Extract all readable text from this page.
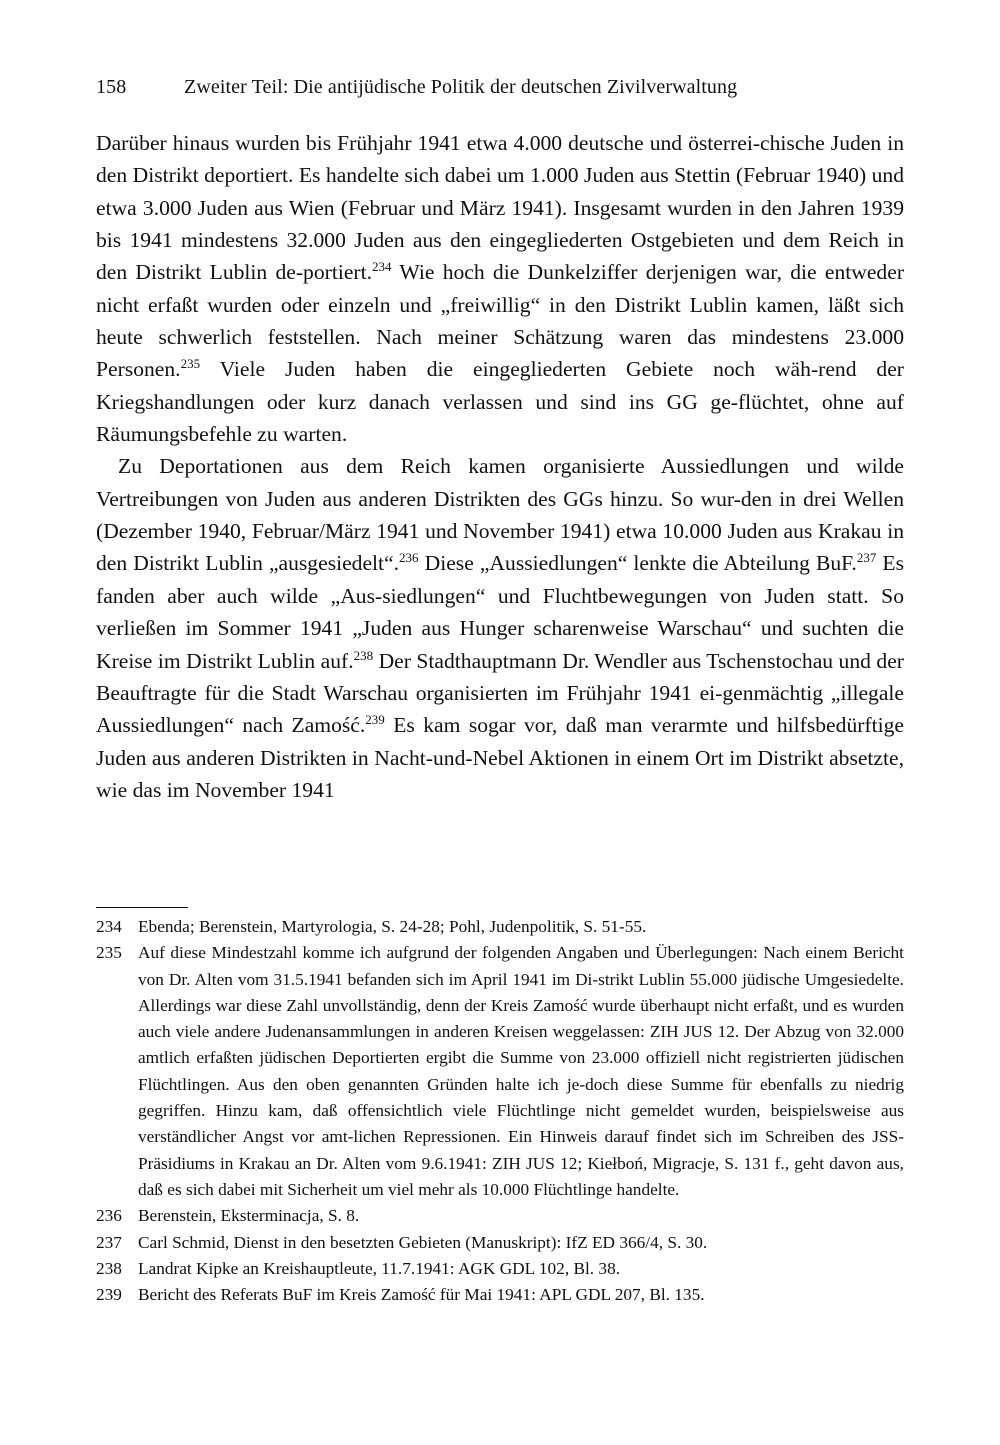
158	Zweiter Teil: Die antijüdische Politik der deutschen Zivilverwaltung

Darüber hinaus wurden bis Frühjahr 1941 etwa 4.000 deutsche und österrei-chische Juden in den Distrikt deportiert. Es handelte sich dabei um 1.000 Juden aus Stettin (Februar 1940) und etwa 3.000 Juden aus Wien (Februar und März 1941). Insgesamt wurden in den Jahren 1939 bis 1941 mindestens 32.000 Juden aus den eingegliederten Ostgebieten und dem Reich in den Distrikt Lublin de-portiert.$^{234}$ Wie hoch die Dunkelziffer derjenigen war, die entweder nicht erfaßt wurden oder einzeln und „freiwillig“ in den Distrikt Lublin kamen, läßt sich heute schwerlich feststellen. Nach meiner Schätzung waren das mindestens 23.000 Personen.$^{235}$ Viele Juden haben die eingegliederten Gebiete noch wäh-rend der Kriegshandlungen oder kurz danach verlassen und sind ins GG ge-flüchtet, ohne auf Räumungsbefehle zu warten.

Zu Deportationen aus dem Reich kamen organisierte Aussiedlungen und wilde Vertreibungen von Juden aus anderen Distrikten des GGs hinzu. So wur-den in drei Wellen (Dezember 1940, Februar/März 1941 und November 1941) etwa 10.000 Juden aus Krakau in den Distrikt Lublin „ausgesiedelt“.$^{236}$ Diese „Aussiedlungen“ lenkte die Abteilung BuF.$^{237}$ Es fanden aber auch wilde „Aus-siedlungen“ und Fluchtbewegungen von Juden statt. So verließen im Sommer 1941 „Juden aus Hunger scharenweise Warschau“ und suchten die Kreise im Distrikt Lublin auf.$^{238}$ Der Stadthauptmann Dr. Wendler aus Tschenstochau und der Beauftragte für die Stadt Warschau organisierten im Frühjahr 1941 ei-genmächtig „illegale Aussiedlungen“ nach Zamość.$^{239}$ Es kam sogar vor, daß man verarmte und hilfsbedürftige Juden aus anderen Distrikten in Nacht-und-Nebel Aktionen in einem Ort im Distrikt absetzte, wie das im November 1941

234 Ebenda; Berenstein, Martyrologia, S. 24-28; Pohl, Judenpolitik, S. 51-55.
235 Auf diese Mindestzahl komme ich aufgrund der folgenden Angaben und Überlegungen: Nach einem Bericht von Dr. Alten vom 31.5.1941 befanden sich im April 1941 im Di-strikt Lublin 55.000 jüdische Umgesiedelte. Allerdings war diese Zahl unvollständig, denn der Kreis Zamość wurde überhaupt nicht erfaßt, und es wurden auch viele andere Judenansammlungen in anderen Kreisen weggelassen: ZIH JUS 12. Der Abzug von 32.000 amtlich erfaßten jüdischen Deportierten ergibt die Summe von 23.000 offiziell nicht registrierten jüdischen Flüchtlingen. Aus den oben genannten Gründen halte ich je-doch diese Summe für ebenfalls zu niedrig gegriffen. Hinzu kam, daß offensichtlich viele Flüchtlinge nicht gemeldet wurden, beispielsweise aus verständlicher Angst vor amt-lichen Repressionen. Ein Hinweis darauf findet sich im Schreiben des JSS-Präsidiums in Krakau an Dr. Alten vom 9.6.1941: ZIH JUS 12; Kiełboń, Migracje, S. 131 f., geht davon aus, daß es sich dabei mit Sicherheit um viel mehr als 10.000 Flüchtlinge handelte.
236 Berenstein, Eksterminacja, S. 8.
237 Carl Schmid, Dienst in den besetzten Gebieten (Manuskript): IfZ ED 366/4, S. 30.
238 Landrat Kipke an Kreishauptleute, 11.7.1941: AGK GDL 102, Bl. 38.
239 Bericht des Referats BuF im Kreis Zamość für Mai 1941: APL GDL 207, Bl. 135.
